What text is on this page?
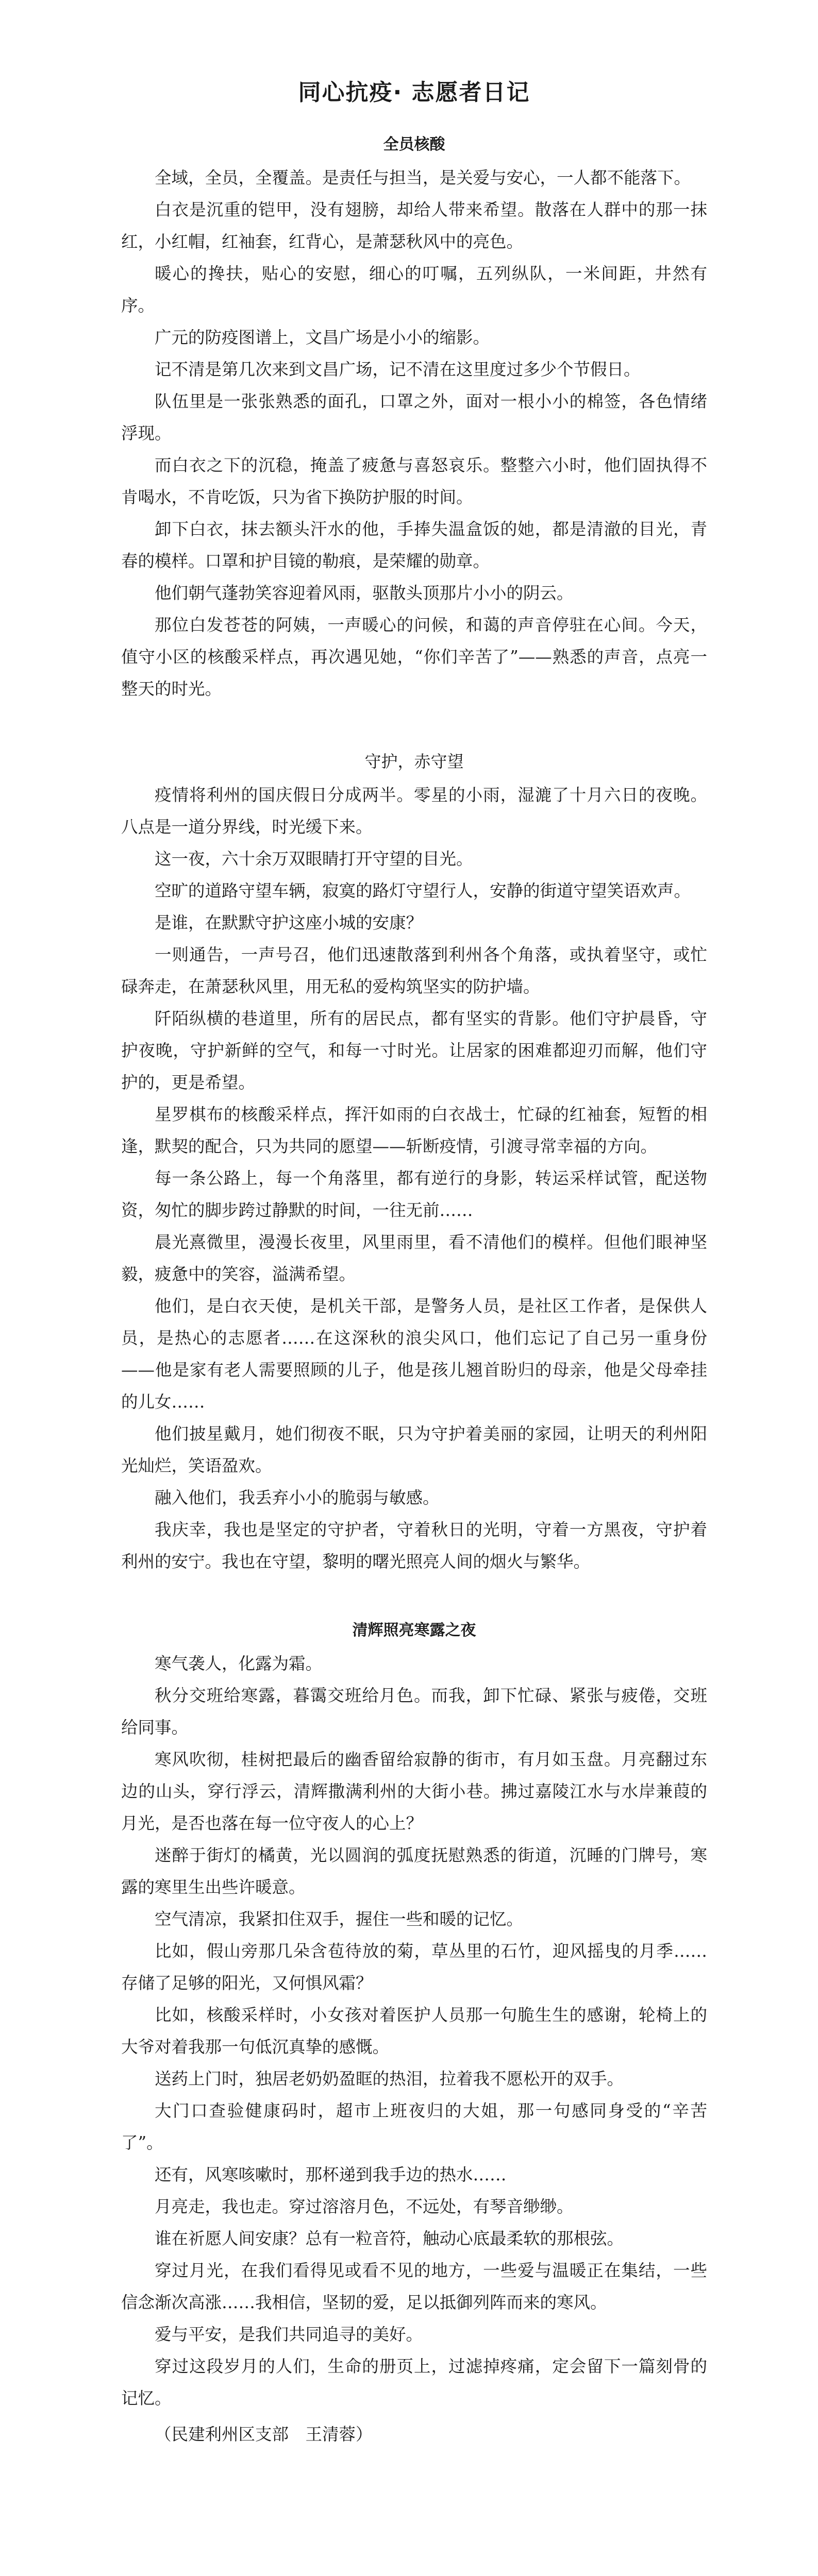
同心抗疫· 志愿者日记
全员核酸

全域，全员，全覆盖。是责任与担当，是关爱与安心，一人都不能落下。

白衣是沉重的铠甲，没有翅膀，却给人带来希望。散落在人群中的那一抹红，小红帽，红袖套，红背心，是萧瑟秋风中的亮色。

暖心的搀扶，贴心的安慰，细心的叮嘱，五列纵队，一米间距，井然有序。

广元的防疫图谱上，文昌广场是小小的缩影。

记不清是第几次来到文昌广场，记不清在这里度过多少个节假日。

队伍里是一张张熟悉的面孔，口罩之外，面对一根小小的棉签，各色情绪浮现。

而白衣之下的沉稳，掩盖了疲惫与喜怒哀乐。整整六小时，他们固执得不肯喝水，不肯吃饭，只为省下换防护服的时间。

卸下白衣，抹去额头汗水的他，手捧失温盒饭的她，都是清澈的目光，青春的模样。口罩和护目镜的勒痕，是荣耀的勋章。

他们朝气蓬勃笑容迎着风雨，驱散头顶那片小小的阴云。

那位白发苍苍的阿姨，一声暖心的问候，和蔼的声音停驻在心间。今天，值守小区的核酸采样点，再次遇见她，“你们辛苦了”——熟悉的声音，点亮一整天的时光。

守护，赤守望

疫情将利州的国庆假日分成两半。零星的小雨，湿漉了十月六日的夜晚。八点是一道分界线，时光缓下来。

这一夜，六十余万双眼睛打开守望的目光。

空旷的道路守望车辆，寂寞的路灯守望行人，安静的街道守望笑语欢声。

是谁，在默默守护这座小城的安康？

一则通告，一声号召，他们迅速散落到利州各个角落，或执着坚守，或忙碌奔走，在萧瑟秋风里，用无私的爱构筑坚实的防护墙。

阡陌纵横的巷道里，所有的居民点，都有坚实的背影。他们守护晨昏，守护夜晚，守护新鲜的空气，和每一寸时光。让居家的困难都迎刃而解，他们守护的，更是希望。

星罗棋布的核酸采样点，挥汗如雨的白衣战士，忙碌的红袖套，短暂的相逢，默契的配合，只为共同的愿望——斩断疫情，引渡寻常幸福的方向。

每一条公路上，每一个角落里，都有逆行的身影，转运采样试管，配送物资，匆忙的脚步跨过静默的时间，一往无前……

晨光熹微里，漫漫长夜里，风里雨里，看不清他们的模样。但他们眼神坚毅，疲惫中的笑容，溢满希望。

他们，是白衣天使，是机关干部，是警务人员，是社区工作者，是保供人员，是热心的志愿者……在这深秋的浪尖风口，他们忘记了自己另一重身份——他是家有老人需要照顾的儿子，他是孩儿翘首盼归的母亲，他是父母牵挂的儿女……

他们披星戴月，她们彻夜不眠，只为守护着美丽的家园，让明天的利州阳光灿烂，笑语盈欢。

融入他们，我丢弃小小的脆弱与敏感。

我庆幸，我也是坚定的守护者，守着秋日的光明，守着一方黑夜，守护着利州的安宁。我也在守望，黎明的曙光照亮人间的烟火与繁华。

清辉照亮寒露之夜

寒气袭人，化露为霜。

秋分交班给寒露，暮霭交班给月色。而我，卸下忙碌、紧张与疲倦，交班给同事。

寒风吹彻，桂树把最后的幽香留给寂静的街市，有月如玉盘。月亮翻过东边的山头，穿行浮云，清辉撒满利州的大街小巷。拂过嘉陵江水与水岸兼葭的月光，是否也落在每一位守夜人的心上？

迷醉于街灯的橘黄，光以圆润的弧度抚慰熟悉的街道，沉睡的门牌号，寒露的寒里生出些许暖意。

空气清凉，我紧扣住双手，握住一些和暖的记忆。

比如，假山旁那几朵含苞待放的菊，草丛里的石竹，迎风摇曳的月季……存储了足够的阳光，又何惧风霜？

比如，核酸采样时，小女孩对着医护人员那一句脆生生的感谢，轮椅上的大爷对着我那一句低沉真挚的感慨。

送药上门时，独居老奶奶盈眶的热泪，拉着我不愿松开的双手。

大门口查验健康码时，超市上班夜归的大姐，那一句感同身受的“辛苦了”。

还有，风寒咳嗽时，那杯递到我手边的热水……

月亮走，我也走。穿过溶溶月色，不远处，有琴音缈缈。

谁在祈愿人间安康？总有一粒音符，触动心底最柔软的那根弦。

穿过月光，在我们看得见或看不见的地方，一些爱与温暖正在集结，一些信念渐次高涨……我相信，坚韧的爱，足以抵御列阵而来的寒风。

爱与平安，是我们共同追寻的美好。

穿过这段岁月的人们，生命的册页上，过滤掉疼痛，定会留下一篇刻骨的记忆。

（民建利州区支部　王清蓉）
